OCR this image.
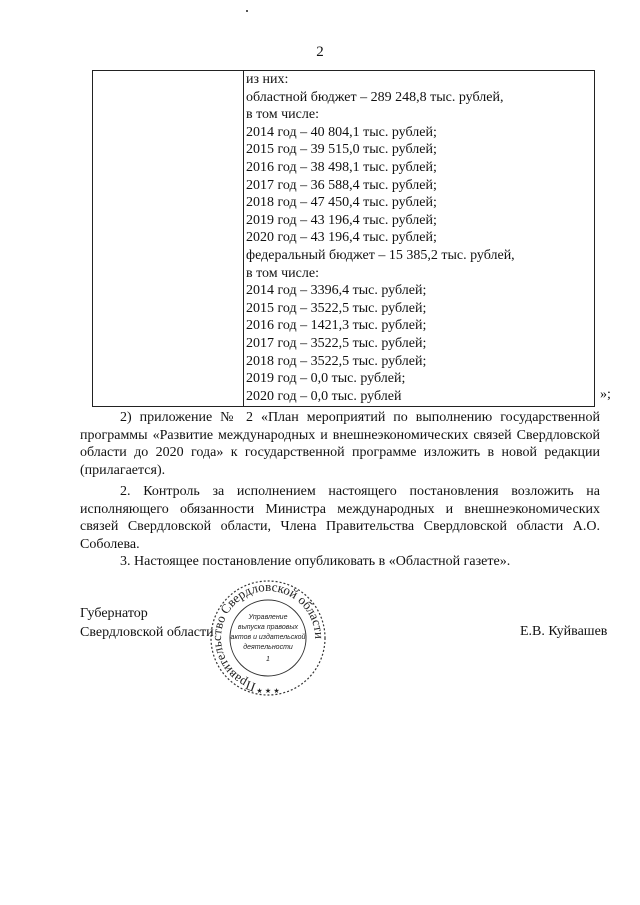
2
из них:
областной бюджет – 289 248,8 тыс. рублей,
в том числе:
2014 год – 40 804,1 тыс. рублей;
2015 год – 39 515,0 тыс. рублей;
2016 год – 38 498,1 тыс. рублей;
2017 год – 36 588,4 тыс. рублей;
2018 год – 47 450,4 тыс. рублей;
2019 год – 43 196,4 тыс. рублей;
2020 год – 43 196,4 тыс. рублей;
федеральный бюджет – 15 385,2 тыс. рублей,
в том числе:
2014 год – 3396,4 тыс. рублей;
2015 год – 3522,5 тыс. рублей;
2016 год – 1421,3 тыс. рублей;
2017 год – 3522,5 тыс. рублей;
2018 год – 3522,5 тыс. рублей;
2019 год – 0,0 тыс. рублей;
2020 год – 0,0 тыс. рублей	»;
2) приложение № 2 «План мероприятий по выполнению государственной программы «Развитие международных и внешнеэкономических связей Свердловской области до 2020 года» к государственной программе изложить в новой редакции (прилагается).
2. Контроль за исполнением настоящего постановления возложить на исполняющего обязанности Министра международных и внешнеэкономических связей Свердловской области, Члена Правительства Свердловской области А.О. Соболева.
3. Настоящее постановление опубликовать в «Областной газете».
Губернатор
Свердловской области	Е.В. Куйвашев
Правительство Свердловской области
Управление
выпуска правовых
актов и издательской
деятельности
1
★ ★ ★
